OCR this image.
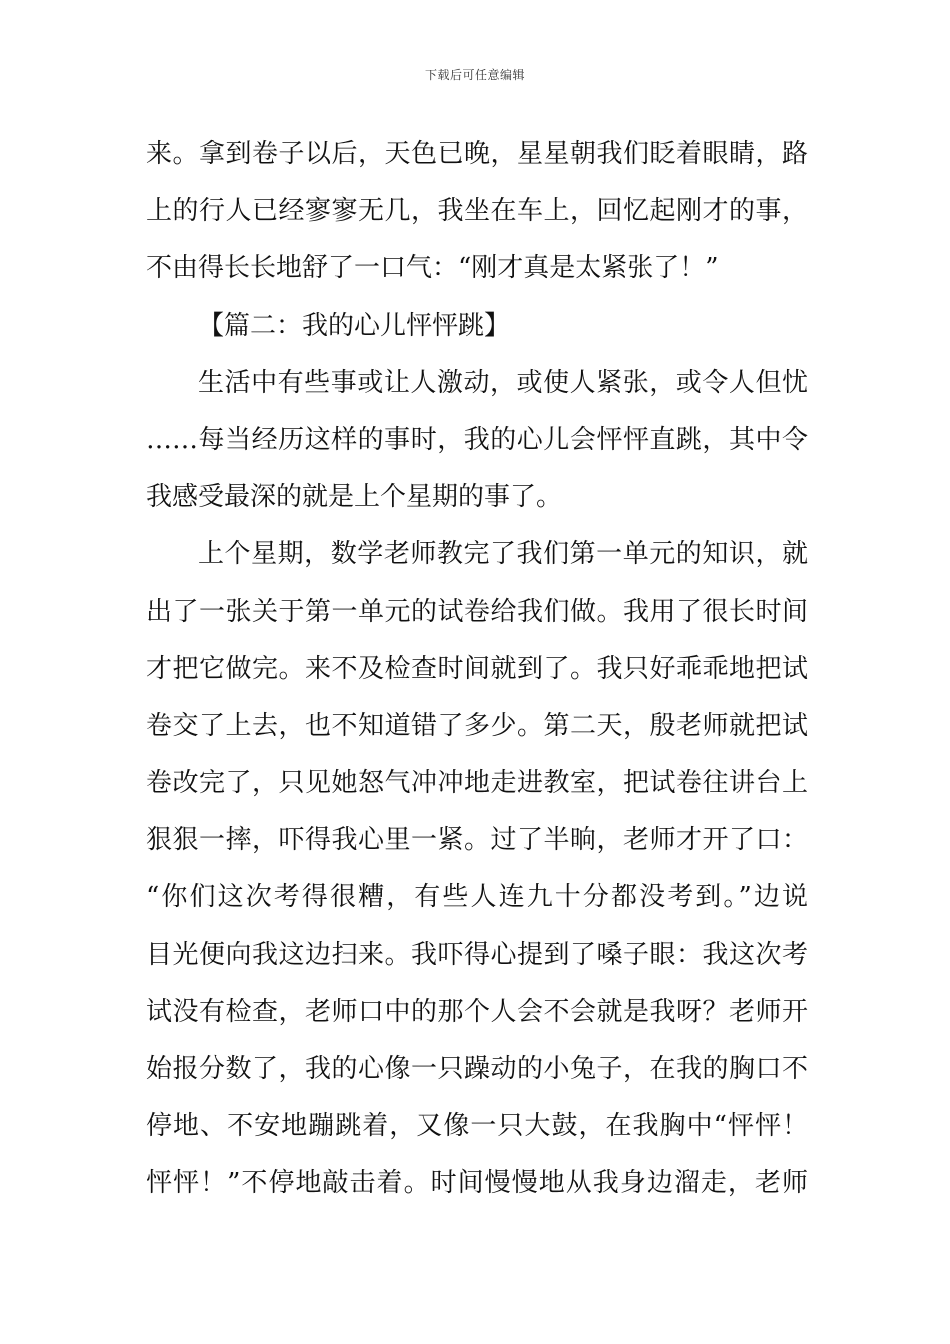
下载后可任意编辑
来。拿到卷子以后，天色已晚，星星朝我们眨着眼睛，路
上的行人已经寥寥无几，我坐在车上，回忆起刚才的事，
不由得长长地舒了一口气：“刚才真是太紧张了！”
【篇二：我的心儿怦怦跳】
生活中有些事或让人激动，或使人紧张，或令人但忧
……每当经历这样的事时，我的心儿会怦怦直跳，其中令
我感受最深的就是上个星期的事了。
上个星期，数学老师教完了我们第一单元的知识，就
出了一张关于第一单元的试卷给我们做。我用了很长时间
才把它做完。来不及检查时间就到了。我只好乖乖地把试
卷交了上去，也不知道错了多少。第二天，殷老师就把试
卷改完了，只见她怒气冲冲地走进教室，把试卷往讲台上
狠狠一摔，吓得我心里一紧。过了半晌，老师才开了口：
“你们这次考得很糟，有些人连九十分都没考到。”边说
目光便向我这边扫来。我吓得心提到了嗓子眼：我这次考
试没有检查，老师口中的那个人会不会就是我呀？老师开
始报分数了，我的心像一只躁动的小兔子，在我的胸口不
停地、不安地蹦跳着，又像一只大鼓，在我胸中“怦怦！
怦怦！”不停地敲击着。时间慢慢地从我身边溜走，老师
